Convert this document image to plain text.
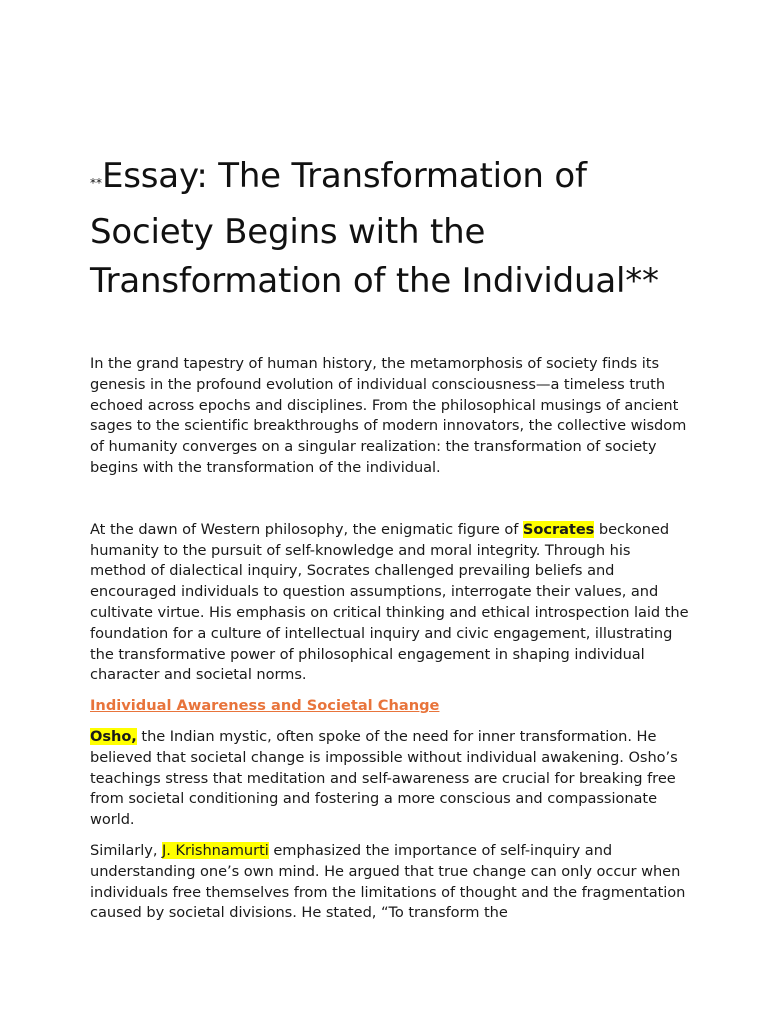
**Essay: The Transformation of Society Begins with the Transformation of the Individual**

In the grand tapestry of human history, the metamorphosis of society finds its genesis in the profound evolution of individual consciousness—a timeless truth echoed across epochs and disciplines. From the philosophical musings of ancient sages to the scientific breakthroughs of modern innovators, the collective wisdom of humanity converges on a singular realization: the transformation of society begins with the transformation of the individual.

At the dawn of Western philosophy, the enigmatic figure of Socrates beckoned humanity to the pursuit of self-knowledge and moral integrity. Through his method of dialectical inquiry, Socrates challenged prevailing beliefs and encouraged individuals to question assumptions, interrogate their values, and cultivate virtue. His emphasis on critical thinking and ethical introspection laid the foundation for a culture of intellectual inquiry and civic engagement, illustrating the transformative power of philosophical engagement in shaping individual character and societal norms.

Individual Awareness and Societal Change

Osho, the Indian mystic, often spoke of the need for inner transformation. He believed that societal change is impossible without individual awakening. Osho’s teachings stress that meditation and self-awareness are crucial for breaking free from societal conditioning and fostering a more conscious and compassionate world.

Similarly, J. Krishnamurti emphasized the importance of self-inquiry and understanding one’s own mind. He argued that true change can only occur when individuals free themselves from the limitations of thought and the fragmentation caused by societal divisions. He stated, “To transform the
